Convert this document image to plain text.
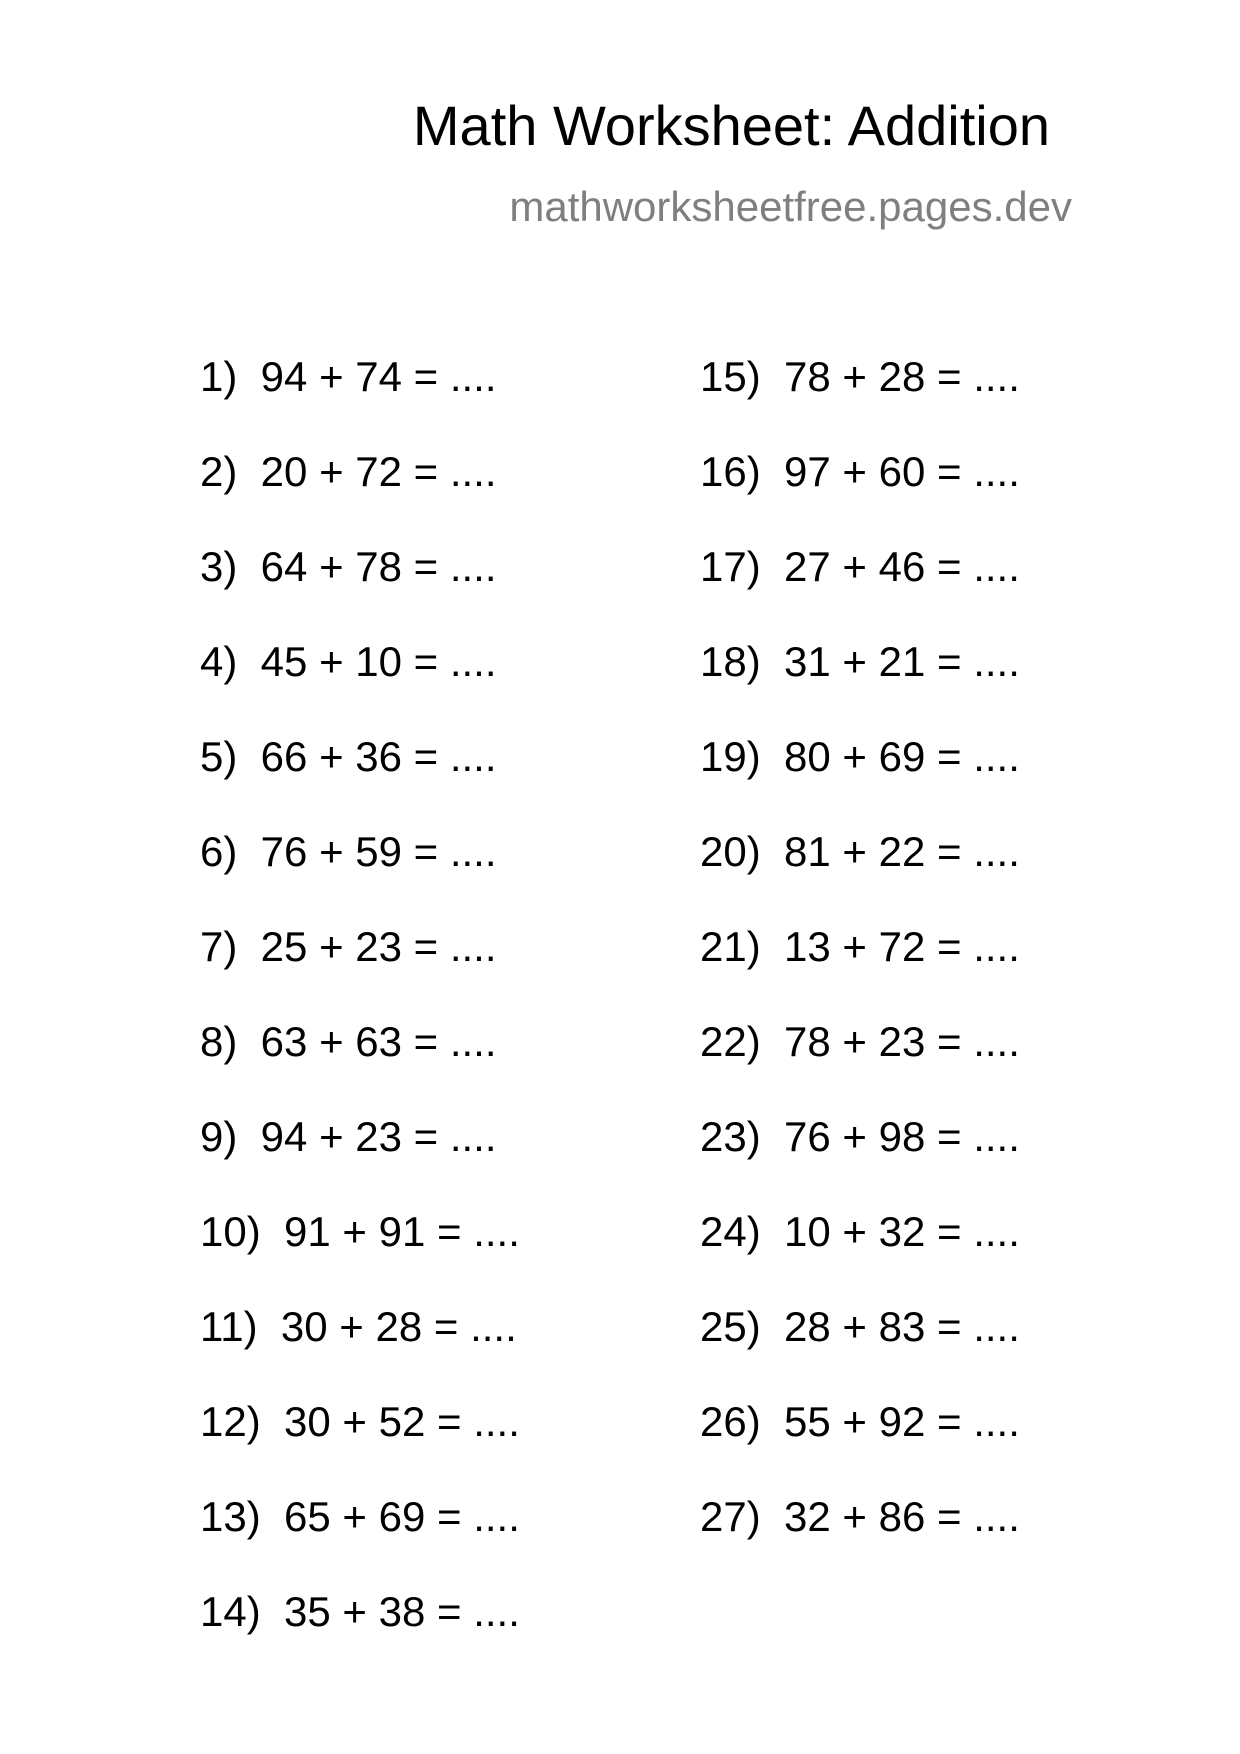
Math Worksheet: Addition
mathworksheetfree.pages.dev
1)  94 + 74 = ....
2)  20 + 72 = ....
3)  64 + 78 = ....
4)  45 + 10 = ....
5)  66 + 36 = ....
6)  76 + 59 = ....
7)  25 + 23 = ....
8)  63 + 63 = ....
9)  94 + 23 = ....
10)  91 + 91 = ....
11)  30 + 28 = ....
12)  30 + 52 = ....
13)  65 + 69 = ....
14)  35 + 38 = ....
15)  78 + 28 = ....
16)  97 + 60 = ....
17)  27 + 46 = ....
18)  31 + 21 = ....
19)  80 + 69 = ....
20)  81 + 22 = ....
21)  13 + 72 = ....
22)  78 + 23 = ....
23)  76 + 98 = ....
24)  10 + 32 = ....
25)  28 + 83 = ....
26)  55 + 92 = ....
27)  32 + 86 = ....
